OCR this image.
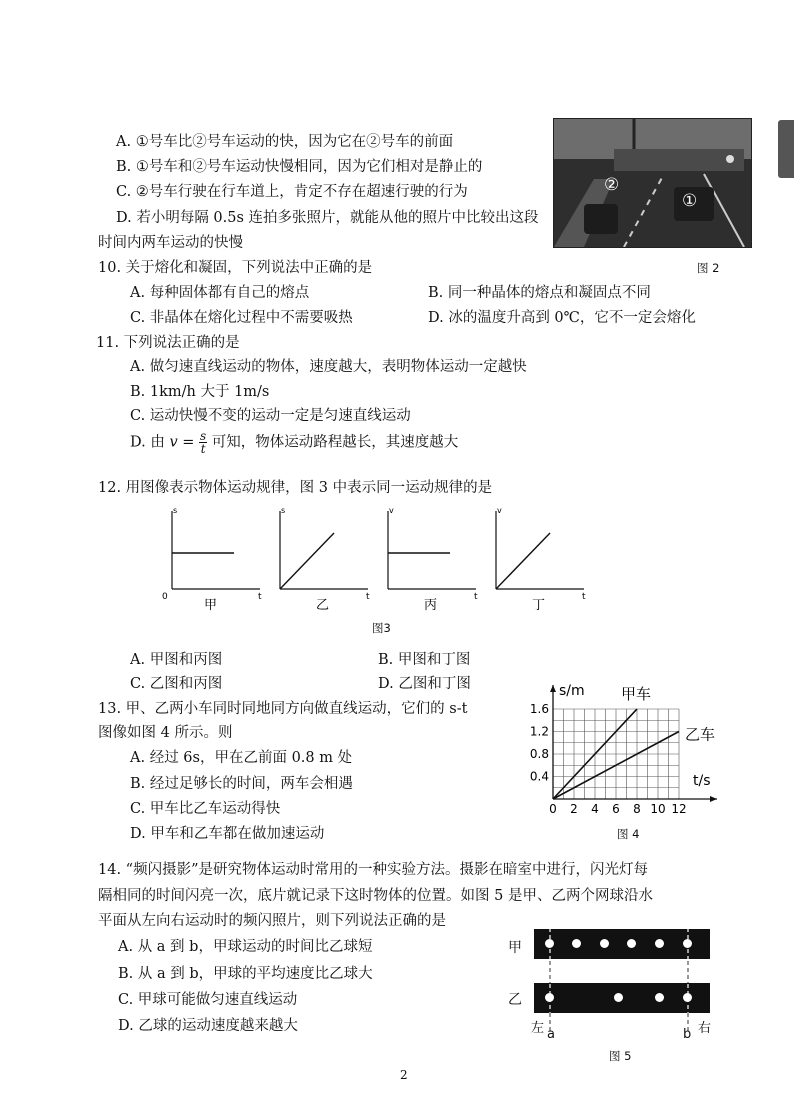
A. ①号车比②号车运动的快，因为它在②号车的前面
B. ①号车和②号车运动快慢相同，因为它们相对是静止的
C. ②号车行驶在行车道上，肯定不存在超速行驶的行为
D. 若小明每隔 0.5s 连拍多张照片，就能从他的照片中比较出这段
时间内两车运动的快慢
②
①
图 2
10. 关于熔化和凝固，下列说法中正确的是
A. 每种固体都有自己的熔点	B. 同一种晶体的熔点和凝固点不同
C. 非晶体在熔化过程中不需要吸热	D. 冰的温度升高到 0℃，它不一定会熔化
11. 下列说法正确的是
A. 做匀速直线运动的物体，速度越大，表明物体运动一定越快
B. 1km/h 大于 1m/s
C. 运动快慢不变的运动一定是匀速直线运动
D. 由 $v = \frac{s}{t}$ 可知，物体运动路程越长，其速度越大
12. 用图像表示物体运动规律，图 3 中表示同一运动规律的是
s
t
0
甲
s
t
乙
v
t
丙
v
t
丁
图3
A. 甲图和丙图	B. 甲图和丁图
C. 乙图和丙图	D. 乙图和丁图
13. 甲、乙两小车同时同地同方向做直线运动，它们的 s-t
图像如图 4 所示。则
A. 经过 6s，甲在乙前面 0.8 m 处
B. 经过足够长的时间，两车会相遇
C. 甲车比乙车运动得快
D. 甲车和乙车都在做加速运动
s/m
t/s
0 2 4 6 8 10 12
0.4
0.8
1.2
1.6
甲车
乙车
图 4
14. “频闪摄影”是研究物体运动时常用的一种实验方法。摄影在暗室中进行，闪光灯每
隔相同的时间闪亮一次，底片就记录下这时物体的位置。如图 5 是甲、乙两个网球沿水
平面从左向右运动时的频闪照片，则下列说法正确的是
A. 从 a 到 b，甲球运动的时间比乙球短
B. 从 a 到 b，甲球的平均速度比乙球大
C. 甲球可能做匀速直线运动
D. 乙球的运动速度越来越大
甲
乙
左 a	b 右
图 5
2
